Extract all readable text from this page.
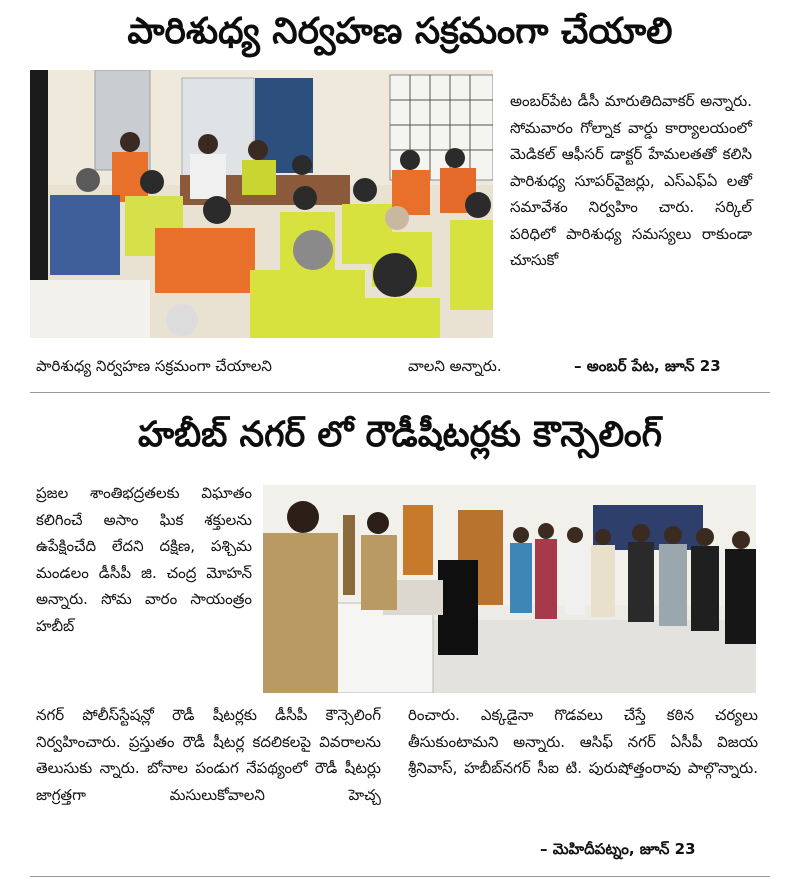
పారిశుధ్య నిర్వహణ సక్రమంగా చేయాలి
అంబర్‌పేట డీసీ మారుతిదివాకర్ అన్నారు. సోమవారం గోల్నాక వార్డు కార్యాలయంలో మెడికల్ ఆఫీసర్ డాక్టర్ హేమలతతో కలిసి పారిశుధ్య సూపర్‌వైజర్లు, ఎస్ఎఫ్ఏ లతో సమావేశం నిర్వహిం చారు. సర్కిల్ పరిధిలో పారిశుధ్య సమస్యలు రాకుండా చూసుకో
పారిశుధ్య నిర్వహణ సక్రమంగా చేయాలని	వాలని అన్నారు.	– అంబర్ పేట, జూన్ 23
హబీబ్ నగర్ లో రౌడీషీటర్లకు కౌన్సెలింగ్
ప్రజల శాంతిభద్రతలకు విఘాతం కలిగించే అసాం ఘిక శక్తులను ఉపేక్షించేది లేదని దక్షిణ, పశ్చిమ మండలం డీసీపీ జి. చంద్ర మోహన్ అన్నారు. సోమ వారం సాయంత్రం హబీబ్
నగర్ పోలీస్‌స్టేషన్లో రౌడీ షీటర్లకు డీసీపీ కౌన్సెలింగ్ నిర్వహించారు. ప్రస్తుతం రౌడీ షీటర్ల కదలికలపై వివరాలను తెలుసుకు న్నారు. బోనాల పండుగ నేపథ్యంలో రౌడీ షీటర్లు జాగ్రత్తగా మసులుకోవాలని హెచ్చ
రించారు. ఎక్కడైనా గొడవలు చేస్తే కఠిన చర్యలు తీసుకుంటామని అన్నారు. ఆసిఫ్ నగర్ ఏసీపీ విజయ శ్రీనివాస్, హబీబ్‌నగర్ సీఐ టి. పురుషోత్తంరావు పాల్గొన్నారు.
– మెహిదీపట్నం, జూన్ 23
